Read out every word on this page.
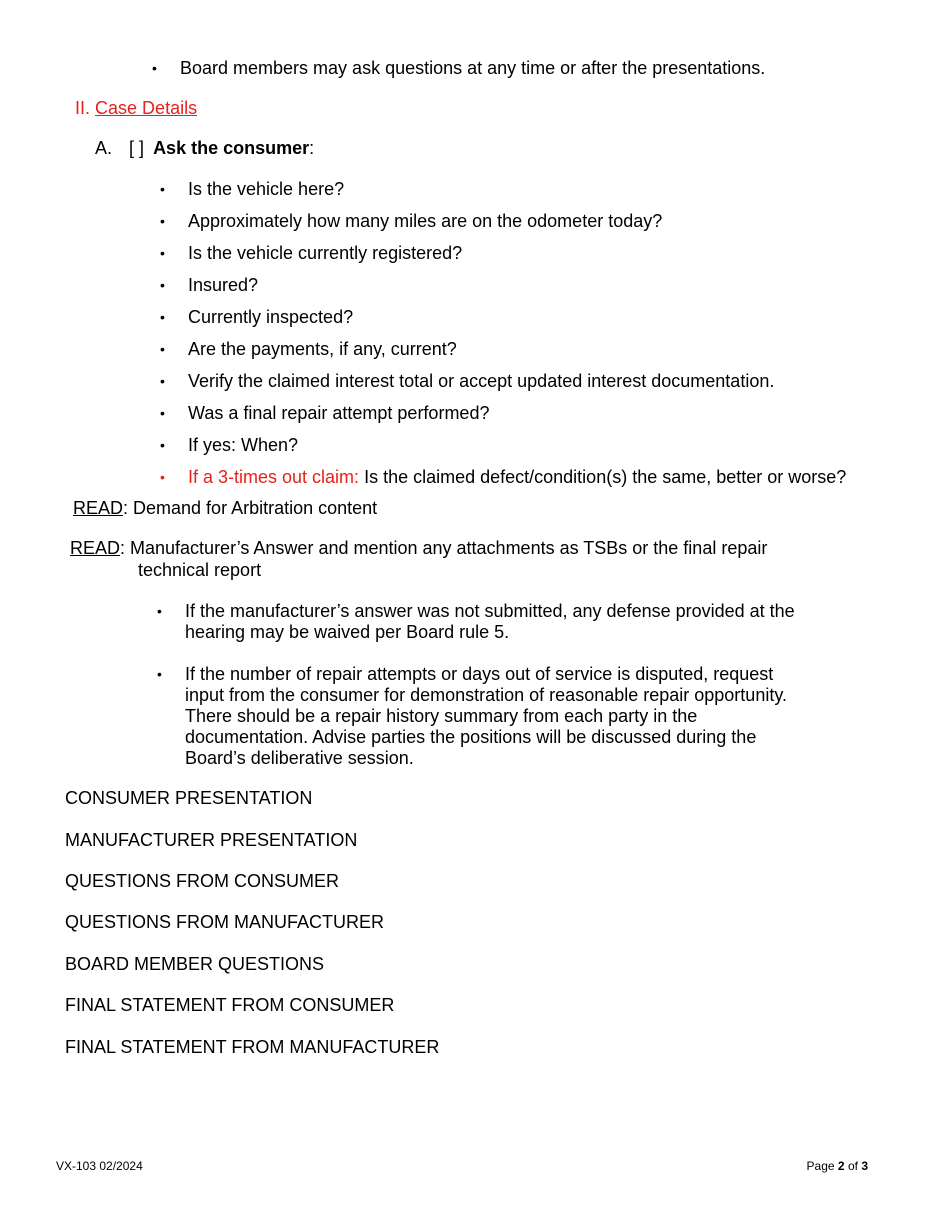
• Board members may ask questions at any time or after the presentations.
II. Case Details
A. [ ] Ask the consumer:
• Is the vehicle here?
• Approximately how many miles are on the odometer today?
• Is the vehicle currently registered?
• Insured?
• Currently inspected?
• Are the payments, if any, current?
• Verify the claimed interest total or accept updated interest documentation.
• Was a final repair attempt performed?
• If yes: When?
• If a 3-times out claim: Is the claimed defect/condition(s) the same, better or worse?
READ: Demand for Arbitration content
READ: Manufacturer’s Answer and mention any attachments as TSBs or the final repair
technical report
• If the manufacturer’s answer was not submitted, any defense provided at the hearing may be waived per Board rule 5.
• If the number of repair attempts or days out of service is disputed, request input from the consumer for demonstration of reasonable repair opportunity. There should be a repair history summary from each party in the documentation. Advise parties the positions will be discussed during the Board’s deliberative session.
CONSUMER PRESENTATION
MANUFACTURER PRESENTATION
QUESTIONS FROM CONSUMER
QUESTIONS FROM MANUFACTURER
BOARD MEMBER QUESTIONS
FINAL STATEMENT FROM CONSUMER
FINAL STATEMENT FROM MANUFACTURER
VX-103 02/2024	Page 2 of 3
